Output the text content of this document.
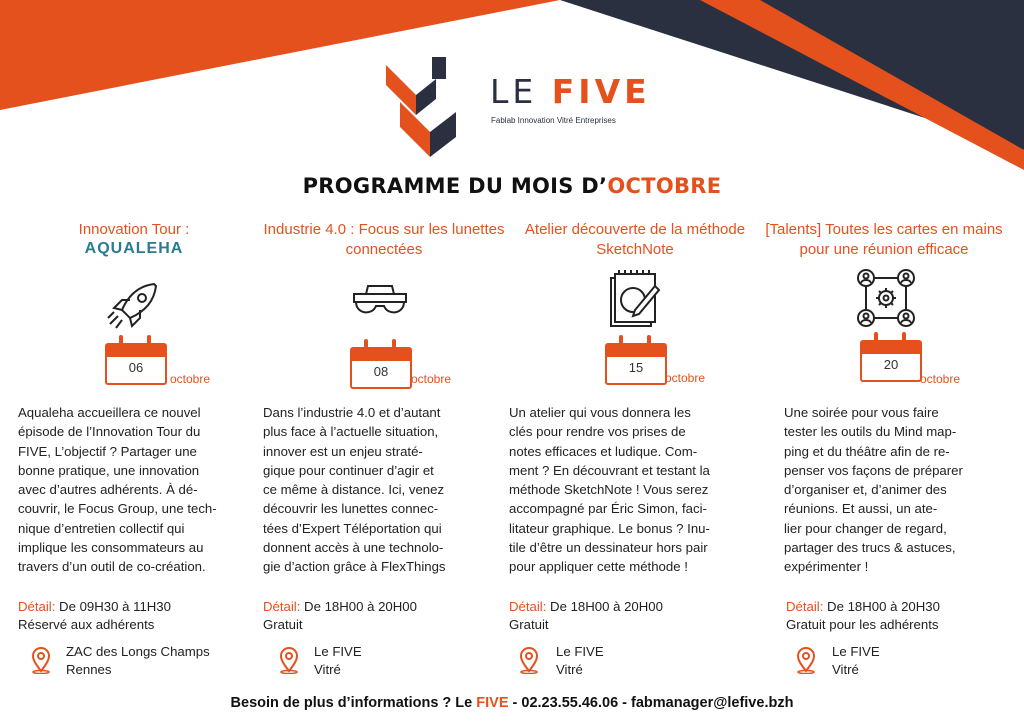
LE FIVE
Fablab Innovation Vitré Entreprises
PROGRAMME DU MOIS D’OCTOBRE
Innovation Tour :
AQUALEHA
06
octobre
Aqualeha accueillera ce nouvel
épisode de l’Innovation Tour du
FIVE, L’objectif ? Partager une
bonne pratique, une innovation
avec d’autres adhérents. À dé-
couvrir, le Focus Group, une tech-
nique d’entretien collectif qui
implique les consommateurs au
travers d’un outil de co-création.
Détail: De 09H30 à 11H30
Réservé aux adhérents
ZAC des Longs Champs
Rennes
Industrie 4.0 : Focus sur les lunettes connectées
08	octobre
Dans l’industrie 4.0 et d’autant
plus face à l’actuelle situation,
innover est un enjeu straté-
gique pour continuer d’agir et
ce même à distance. Ici, venez
découvrir les lunettes connec-
tées d’Expert Téléportation qui
donnent accès à une technolo-
gie d’action grâce à FlexThings
Détail: De 18H00 à 20H00
Gratuit
Le FIVE
Vitré
Atelier découverte de la méthode SketchNote
15
octobre
Un atelier qui vous donnera les
clés pour rendre vos prises de
notes efficaces et ludique. Com-
ment ? En découvrant et testant la
méthode SketchNote ! Vous serez
accompagné par Éric Simon, faci-
litateur graphique. Le bonus ? Inu-
tile d’être un dessinateur hors pair
pour appliquer cette méthode !
Détail: De 18H00 à 20H00
Gratuit
Le FIVE
Vitré
[Talents] Toutes les cartes en mains pour une réunion efficace
20
octobre
Une soirée pour vous faire
tester les outils du Mind map-
ping et du théâtre afin de re-
penser vos façons de préparer
d’organiser et, d’animer des
réunions. Et aussi, un ate-
lier pour changer de regard,
partager des trucs & astuces,
expérimenter !
Détail: De 18H00 à 20H30
Gratuit pour les adhérents
Le FIVE
Vitré
Besoin de plus d’informations ? Le FIVE - 02.23.55.46.06 - fabmanager@lefive.bzh
